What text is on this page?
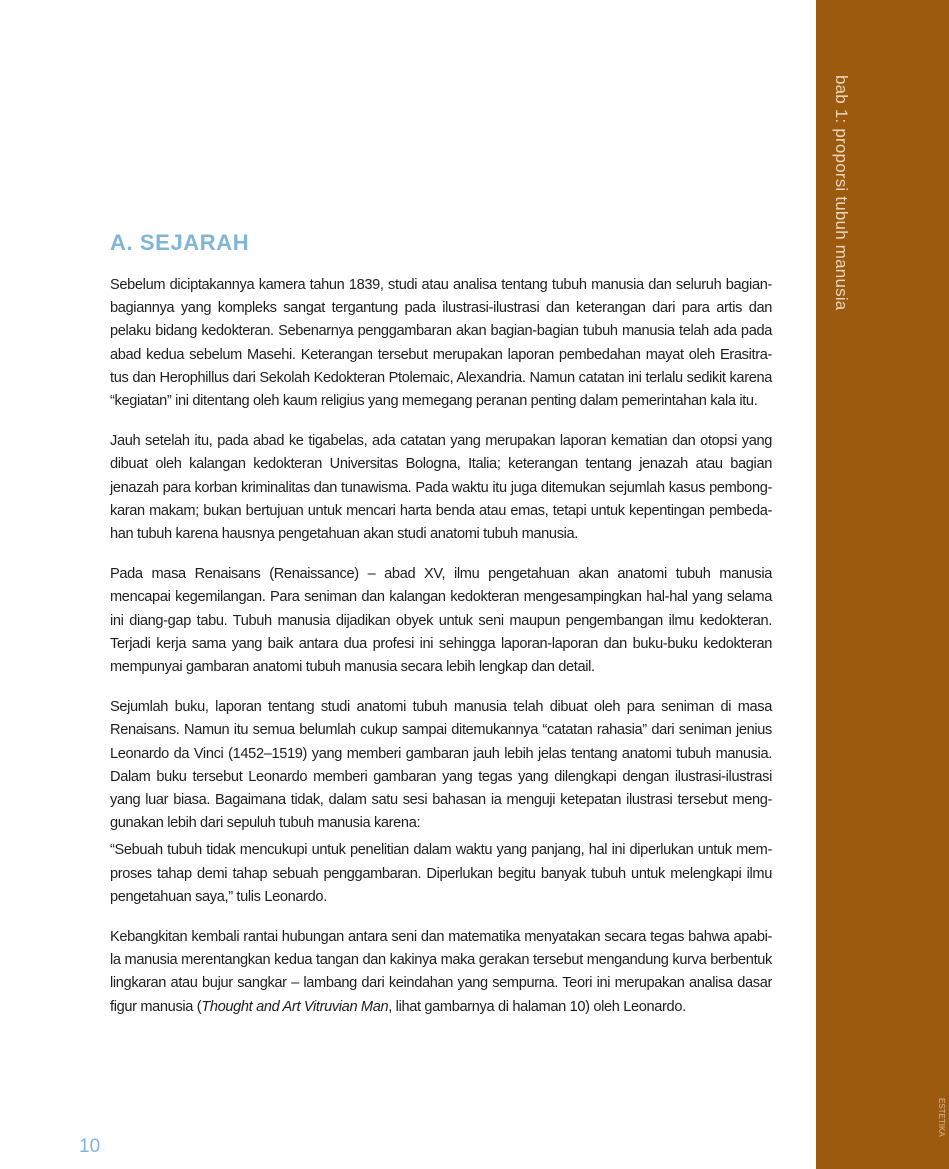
bab 1: proporsi tubuh manusia
ESTETIKA
A. SEJARAH

Sebelum diciptakannya kamera tahun 1839, studi atau analisa tentang tubuh manusia dan seluruh bagian-bagiannya yang kompleks sangat tergantung pada ilustrasi-ilustrasi dan keterangan dari para artis dan pelaku bidang kedokteran. Sebenarnya penggambaran akan bagian-bagian tubuh manusia telah ada pada abad kedua sebelum Masehi. Keterangan tersebut merupakan laporan pembedahan mayat oleh Erasitra-tus dan Herophillus dari Sekolah Kedokteran Ptolemaic, Alexandria. Namun catatan ini terlalu sedikit karena “kegiatan” ini ditentang oleh kaum religius yang memegang peranan penting dalam pemerintahan kala itu.

Jauh setelah itu, pada abad ke tigabelas, ada catatan yang merupakan laporan kematian dan otopsi yang dibuat oleh kalangan kedokteran Universitas Bologna, Italia; keterangan tentang jenazah atau bagian jenazah para korban kriminalitas dan tunawisma. Pada waktu itu juga ditemukan sejumlah kasus pembong-karan makam; bukan bertujuan untuk mencari harta benda atau emas, tetapi untuk kepentingan pembeda-han tubuh karena hausnya pengetahuan akan studi anatomi tubuh manusia.

Pada masa Renaisans (Renaissance) – abad XV, ilmu pengetahuan akan anatomi tubuh manusia mencapai kegemilangan. Para seniman dan kalangan kedokteran mengesampingkan hal-hal yang selama ini diang-gap tabu. Tubuh manusia dijadikan obyek untuk seni maupun pengembangan ilmu kedokteran. Terjadi kerja sama yang baik antara dua profesi ini sehingga laporan-laporan dan buku-buku kedokteran mempunyai gambaran anatomi tubuh manusia secara lebih lengkap dan detail.

Sejumlah buku, laporan tentang studi anatomi tubuh manusia telah dibuat oleh para seniman di masa Renaisans. Namun itu semua belumlah cukup sampai ditemukannya “catatan rahasia” dari seniman jenius Leonardo da Vinci (1452–1519) yang memberi gambaran jauh lebih jelas tentang anatomi tubuh manusia. Dalam buku tersebut Leonardo memberi gambaran yang tegas yang dilengkapi dengan ilustrasi-ilustrasi yang luar biasa. Bagaimana tidak, dalam satu sesi bahasan ia menguji ketepatan ilustrasi tersebut meng-gunakan lebih dari sepuluh tubuh manusia karena:

“Sebuah tubuh tidak mencukupi untuk penelitian dalam waktu yang panjang, hal ini diperlukan untuk mem-proses tahap demi tahap sebuah penggambaran. Diperlukan begitu banyak tubuh untuk melengkapi ilmu pengetahuan saya,” tulis Leonardo.

Kebangkitan kembali rantai hubungan antara seni dan matematika menyatakan secara tegas bahwa apabi-la manusia merentangkan kedua tangan dan kakinya maka gerakan tersebut mengandung kurva berbentuk lingkaran atau bujur sangkar – lambang dari keindahan yang sempurna. Teori ini merupakan analisa dasar figur manusia (Thought and Art Vitruvian Man, lihat gambarnya di halaman 10) oleh Leonardo.

10
